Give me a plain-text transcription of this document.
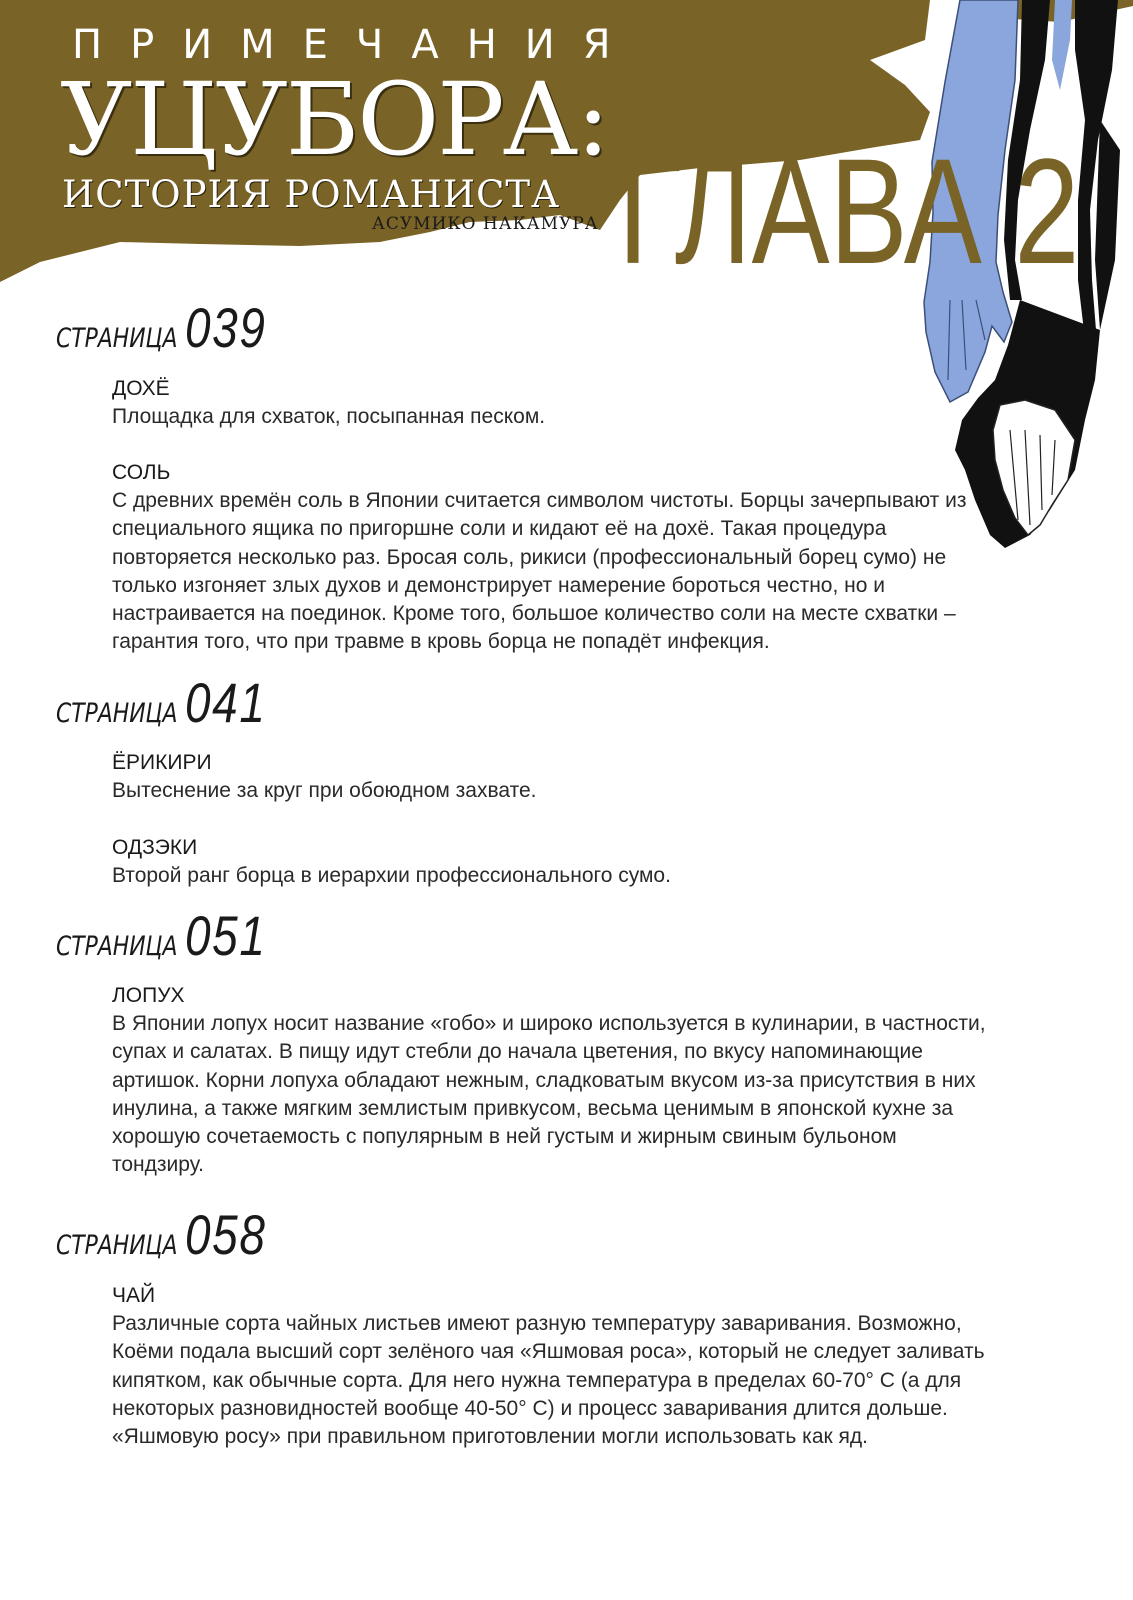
ПРИМЕЧАНИЯ
УЦУБОРА:
ИСТОРИЯ РОМАНИСТА
АСУМИКО НАКАМУРА ГЛАВА 2
СТРАНИЦА 039

ДОХЁ

Площадка для схваток, посыпанная песком.

СОЛЬ

С древних времён соль в Японии считается символом чистоты. Борцы зачерпывают из специального ящика по пригоршне соли и кидают её на дохё. Такая процедура повторяется несколько раз. Бросая соль, рикиси (профессиональный борец сумо) не только изгоняет злых духов и демонстрирует намерение бороться честно, но и настраивается на поединок. Кроме того, большое количество соли на месте схватки – гарантия того, что при травме в кровь борца не попадёт инфекция.

СТРАНИЦА 041

ЁРИКИРИ

Вытеснение за круг при обоюдном захвате.

ОДЗЭКИ

Второй ранг борца в иерархии профессионального сумо.

СТРАНИЦА 051

ЛОПУХ

В Японии лопух носит название «гобо» и широко используется в кулинарии, в частности, супах и салатах. В пищу идут стебли до начала цветения, по вкусу напоминающие артишок. Корни лопуха обладают нежным, сладковатым вкусом из-за присутствия в них инулина, а также мягким землистым привкусом, весьма ценимым в японской кухне за хорошую сочетаемость с популярным в ней густым и жирным свиным бульоном тондзиру.

СТРАНИЦА 058

ЧАЙ

Различные сорта чайных листьев имеют разную температуру заваривания. Возможно, Коёми подала высший сорт зелёного чая «Яшмовая роса», который не следует заливать кипятком, как обычные сорта. Для него нужна температура в пределах 60-70° С (а для некоторых разновидностей вообще 40-50° С) и процесс заваривания длится дольше. «Яшмовую росу» при правильном приготовлении могли использовать как яд.
